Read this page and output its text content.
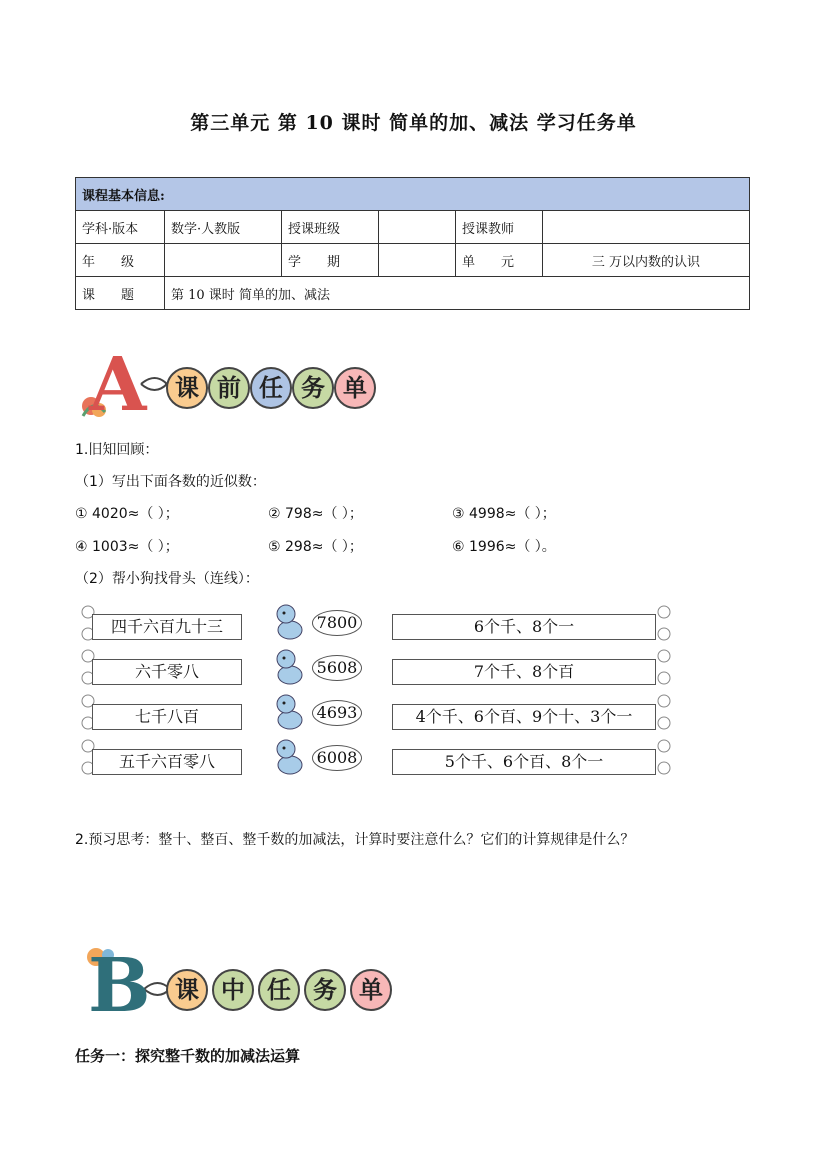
第三单元 第 10 课时 简单的加、减法 学习任务单
课程基本信息:					
学科·版本	数学·人教版	授课班级		授课教师	
年　　级		学　　期		单　　元	三 万以内数的认识
课　　题	第 10 课时 简单的加、减法				
A	课 前 任 务 单
1.旧知回顾：
（1）写出下面各数的近似数：
① 4020≈（ ）；	② 798≈（ ）；	③ 4998≈（ ）；
④ 1003≈（ ）；	⑤ 298≈（ ）；	⑥ 1996≈（ ）。
（2）帮小狗找骨头（连线）：
四千六百九十三	7800	6个千、8个一
六千零八	5608	7个千、8个百
七千八百	4693	4个千、6个百、9个十、3个一
五千六百零八	6008	5个千、6个百、8个一
2.预习思考：整十、整百、整千数的加减法，计算时要注意什么？它们的计算规律是什么？
B	课 中 任 务 单
任务一：探究整千数的加减法运算
